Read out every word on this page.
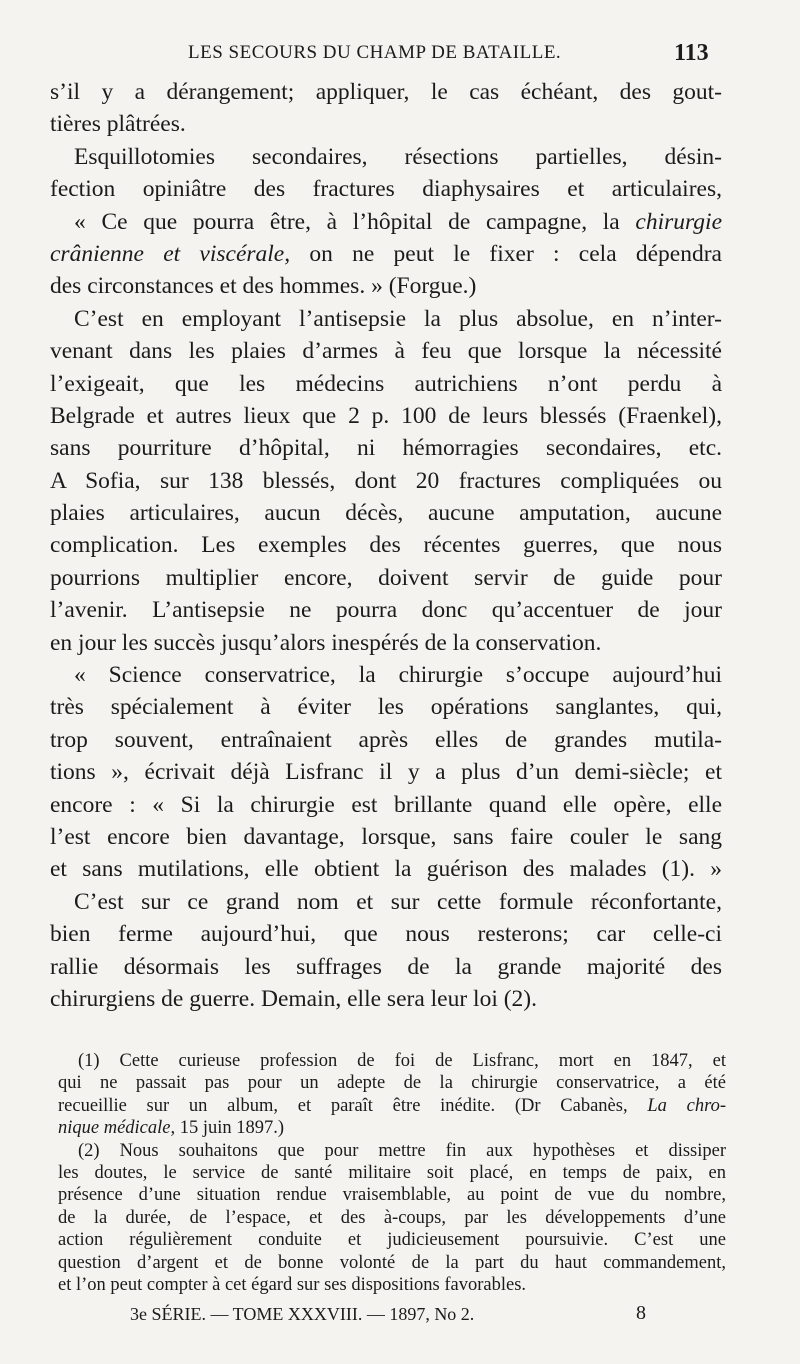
LES SECOURS DU CHAMP DE BATAILLE.	113
s’il y a dérangement; appliquer, le cas échéant, des gout-
tières plâtrées.
Esquillotomies secondaires, résections partielles, désin-
fection opiniâtre des fractures diaphysaires et articulaires,
« Ce que pourra être, à l’hôpital de campagne, la chirurgie
crânienne et viscérale, on ne peut le fixer : cela dépendra
des circonstances et des hommes. » (Forgue.)
C’est en employant l’antisepsie la plus absolue, en n’inter-
venant dans les plaies d’armes à feu que lorsque la nécessité
l’exigeait, que les médecins autrichiens n’ont perdu à
Belgrade et autres lieux que 2 p. 100 de leurs blessés (Fraenkel),
sans pourriture d’hôpital, ni hémorragies secondaires, etc.
A Sofia, sur 138 blessés, dont 20 fractures compliquées ou
plaies articulaires, aucun décès, aucune amputation, aucune
complication. Les exemples des récentes guerres, que nous
pourrions multiplier encore, doivent servir de guide pour
l’avenir. L’antisepsie ne pourra donc qu’accentuer de jour
en jour les succès jusqu’alors inespérés de la conservation.
« Science conservatrice, la chirurgie s’occupe aujourd’hui
très spécialement à éviter les opérations sanglantes, qui,
trop souvent, entraînaient après elles de grandes mutila-
tions », écrivait déjà Lisfranc il y a plus d’un demi-siècle; et
encore : « Si la chirurgie est brillante quand elle opère, elle
l’est encore bien davantage, lorsque, sans faire couler le sang
et sans mutilations, elle obtient la guérison des malades (1). »
C’est sur ce grand nom et sur cette formule réconfortante,
bien ferme aujourd’hui, que nous resterons; car celle-ci
rallie désormais les suffrages de la grande majorité des
chirurgiens de guerre. Demain, elle sera leur loi (2).
(1) Cette curieuse profession de foi de Lisfranc, mort en 1847, et
qui ne passait pas pour un adepte de la chirurgie conservatrice, a été
recueillie sur un album, et paraît être inédite. (Dr Cabanès, La chro-
nique médicale, 15 juin 1897.)
(2) Nous souhaitons que pour mettre fin aux hypothèses et dissiper
les doutes, le service de santé militaire soit placé, en temps de paix, en
présence d’une situation rendue vraisemblable, au point de vue du nombre,
de la durée, de l’espace, et des à-coups, par les développements d’une
action régulièrement conduite et judicieusement poursuivie. C’est une
question d’argent et de bonne volonté de la part du haut commandement,
et l’on peut compter à cet égard sur ses dispositions favorables.
3e SÉRIE. — TOME XXXVIII. — 1897, No 2.	8
